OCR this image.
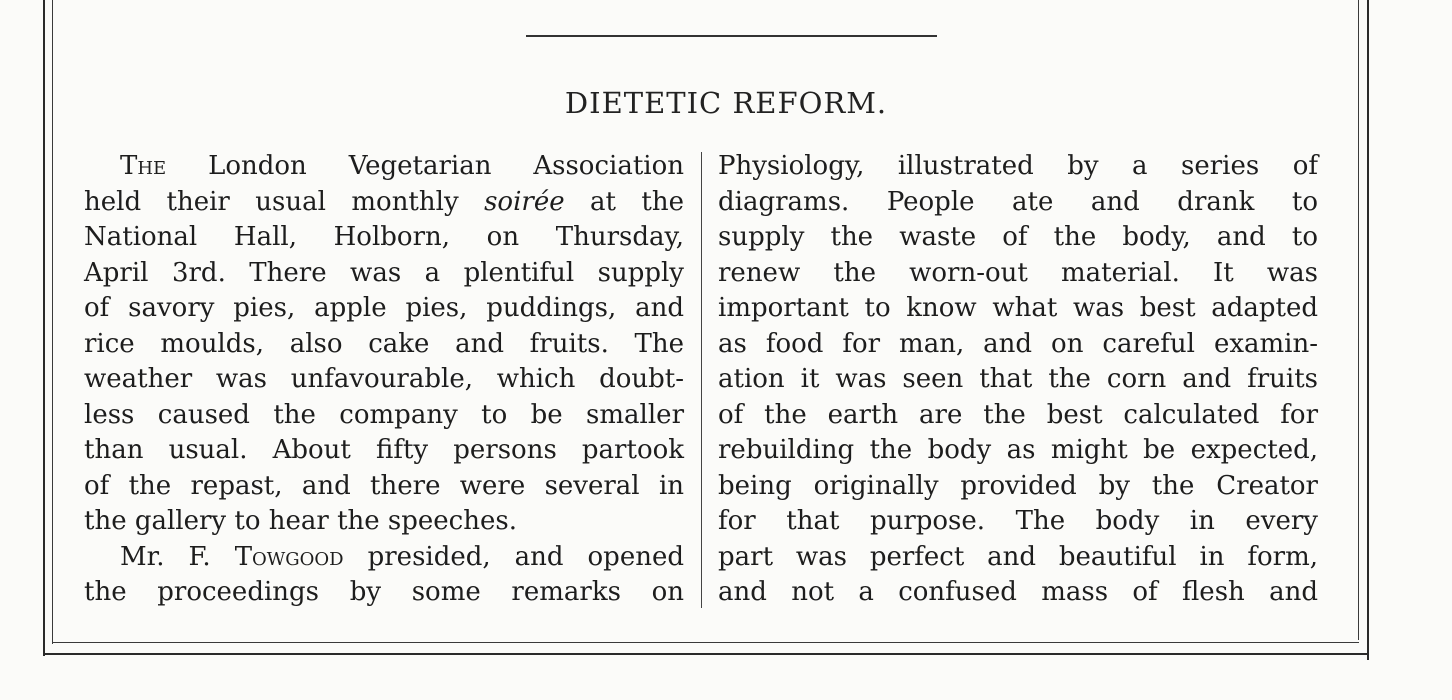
DIETETIC REFORM.
The London Vegetarian Association
held their usual monthly soirée at the
National Hall, Holborn, on Thursday,
April 3rd. There was a plentiful supply
of savory pies, apple pies, puddings, and
rice moulds, also cake and fruits. The
weather was unfavourable, which doubt-
less caused the company to be smaller
than usual. About fifty persons partook
of the repast, and there were several in
the gallery to hear the speeches.
Mr. F. Towgood presided, and opened
the proceedings by some remarks on
Physiology, illustrated by a series of
diagrams. People ate and drank to
supply the waste of the body, and to
renew the worn-out material. It was
important to know what was best adapted
as food for man, and on careful examin-
ation it was seen that the corn and fruits
of the earth are the best calculated for
rebuilding the body as might be expected,
being originally provided by the Creator
for that purpose. The body in every
part was perfect and beautiful in form,
and not a confused mass of flesh and
